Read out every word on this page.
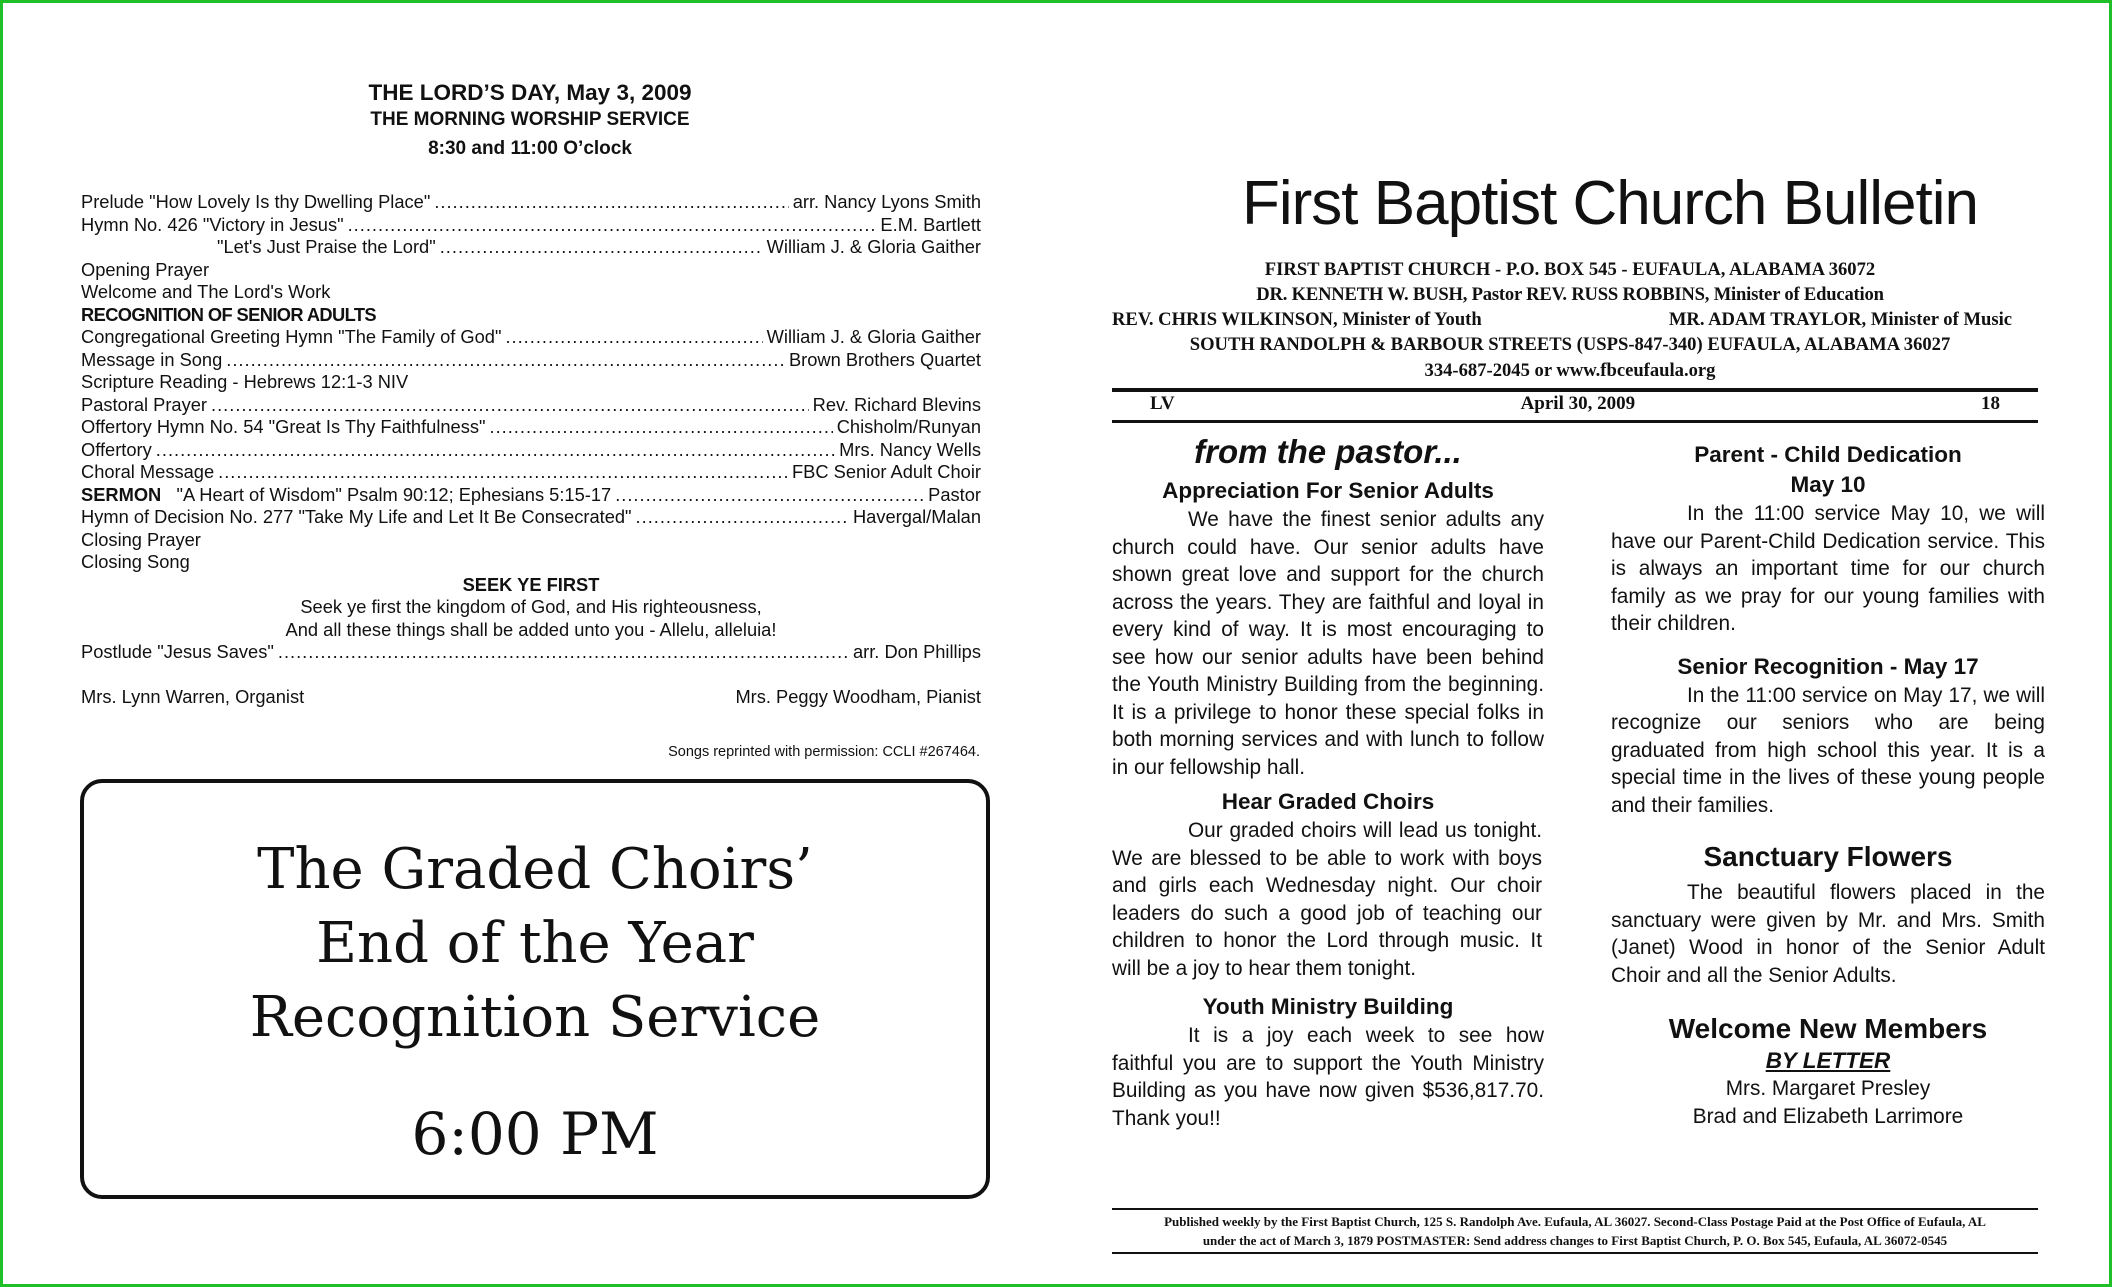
THE LORD’S DAY, May 3, 2009
THE MORNING WORSHIP SERVICE
8:30 and 11:00 O’clock
Prelude "How Lovely Is thy Dwelling Place" .....	arr. Nancy Lyons Smith
Hymn No. 426 "Victory in Jesus" .....	E.M. Bartlett
"Let's Just Praise the Lord" .....	William J. & Gloria Gaither
Opening Prayer
Welcome and The Lord's Work
RECOGNITION OF SENIOR ADULTS
Congregational Greeting Hymn "The Family of God" .....	William J. & Gloria Gaither
Message in Song .....	Brown Brothers Quartet
Scripture Reading - Hebrews 12:1-3 NIV
Pastoral Prayer .....	Rev. Richard Blevins
Offertory Hymn No. 54 "Great Is Thy Faithfulness" .....	Chisholm/Runyan
Offertory .....	Mrs. Nancy Wells
Choral Message .....	FBC Senior Adult Choir
SERMON "A Heart of Wisdom" Psalm 90:12; Ephesians 5:15-17 .....	Pastor
Hymn of Decision No. 277 "Take My Life and Let It Be Consecrated" .....	Havergal/Malan
Closing Prayer
Closing Song
SEEK YE FIRST
Seek ye first the kingdom of God, and His righteousness,
And all these things shall be added unto you - Allelu, alleluia!
Postlude "Jesus Saves" .....	arr. Don Phillips
Mrs. Lynn Warren, Organist	Mrs. Peggy Woodham, Pianist
Songs reprinted with permission: CCLI #267464.
The Graded Choirs’
End of the Year
Recognition Service
6:00 PM
First Baptist Church Bulletin
FIRST BAPTIST CHURCH - P.O. BOX 545 - EUFAULA, ALABAMA 36072
DR. KENNETH W. BUSH, Pastor REV. RUSS ROBBINS, Minister of Education
REV. CHRIS WILKINSON, Minister of Youth	MR. ADAM TRAYLOR, Minister of Music
SOUTH RANDOLPH & BARBOUR STREETS (USPS-847-340) EUFAULA, ALABAMA 36027
334-687-2045 or www.fbceufaula.org
LV	April 30, 2009	18
from the pastor...
Appreciation For Senior Adults

We have the finest senior adults any church could have. Our senior adults have shown great love and support for the church across the years. They are faithful and loyal in every kind of way. It is most encouraging to see how our senior adults have been behind the Youth Ministry Building from the beginning. It is a privilege to honor these special folks in both morning services and with lunch to follow in our fellowship hall.

Hear Graded Choirs

Our graded choirs will lead us tonight. We are blessed to be able to work with boys and girls each Wednesday night. Our choir leaders do such a good job of teaching our children to honor the Lord through music. It will be a joy to hear them tonight.

Youth Ministry Building

It is a joy each week to see how faithful you are to support the Youth Ministry Building as you have now given $536,817.70. Thank you!!

Parent - Child Dedication
May 10

In the 11:00 service May 10, we will have our Parent-Child Dedication service. This is always an important time for our church family as we pray for our young families with their children.

Senior Recognition - May 17

In the 11:00 service on May 17, we will recognize our seniors who are being graduated from high school this year. It is a special time in the lives of these young people and their families.

Sanctuary Flowers

The beautiful flowers placed in the sanctuary were given by Mr. and Mrs. Smith (Janet) Wood in honor of the Senior Adult Choir and all the Senior Adults.

Welcome New Members
BY LETTER
Mrs. Margaret Presley
Brad and Elizabeth Larrimore
Published weekly by the First Baptist Church, 125 S. Randolph Ave. Eufaula, AL 36027. Second-Class Postage Paid at the Post Office of Eufaula, AL
under the act of March 3, 1879 POSTMASTER: Send address changes to First Baptist Church, P. O. Box 545, Eufaula, AL 36072-0545
